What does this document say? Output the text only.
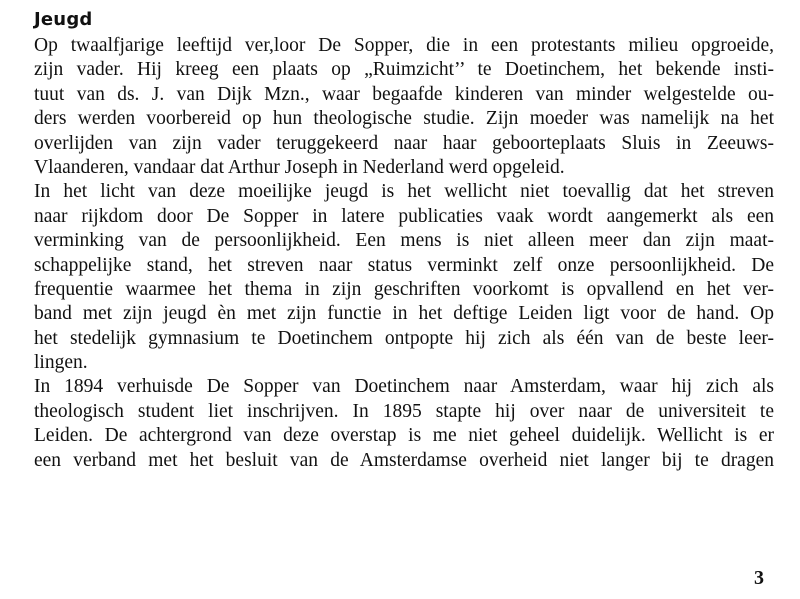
Jeugd
Op twaalfjarige leeftijd ver,loor De Sopper, die in een protestants milieu opgroeide,
zijn vader. Hij kreeg een plaats op „Ruimzicht’’ te Doetinchem, het bekende insti-
tuut van ds. J. van Dijk Mzn., waar begaafde kinderen van minder welgestelde ou-
ders werden voorbereid op hun theologische studie. Zijn moeder was namelijk na het
overlijden van zijn vader teruggekeerd naar haar geboorteplaats Sluis in Zeeuws-
Vlaanderen, vandaar dat Arthur Joseph in Nederland werd opgeleid.
In het licht van deze moeilijke jeugd is het wellicht niet toevallig dat het streven
naar rijkdom door De Sopper in latere publicaties vaak wordt aangemerkt als een
verminking van de persoonlijkheid. Een mens is niet alleen meer dan zijn maat-
schappelijke stand, het streven naar status verminkt zelf onze persoonlijkheid. De
frequentie waarmee het thema in zijn geschriften voorkomt is opvallend en het ver-
band met zijn jeugd èn met zijn functie in het deftige Leiden ligt voor de hand. Op
het stedelijk gymnasium te Doetinchem ontpopte hij zich als één van de beste leer-
lingen.
In 1894 verhuisde De Sopper van Doetinchem naar Amsterdam, waar hij zich als
theologisch student liet inschrijven. In 1895 stapte hij over naar de universiteit te
Leiden. De achtergrond van deze overstap is me niet geheel duidelijk. Wellicht is er
een verband met het besluit van de Amsterdamse overheid niet langer bij te dragen
3
